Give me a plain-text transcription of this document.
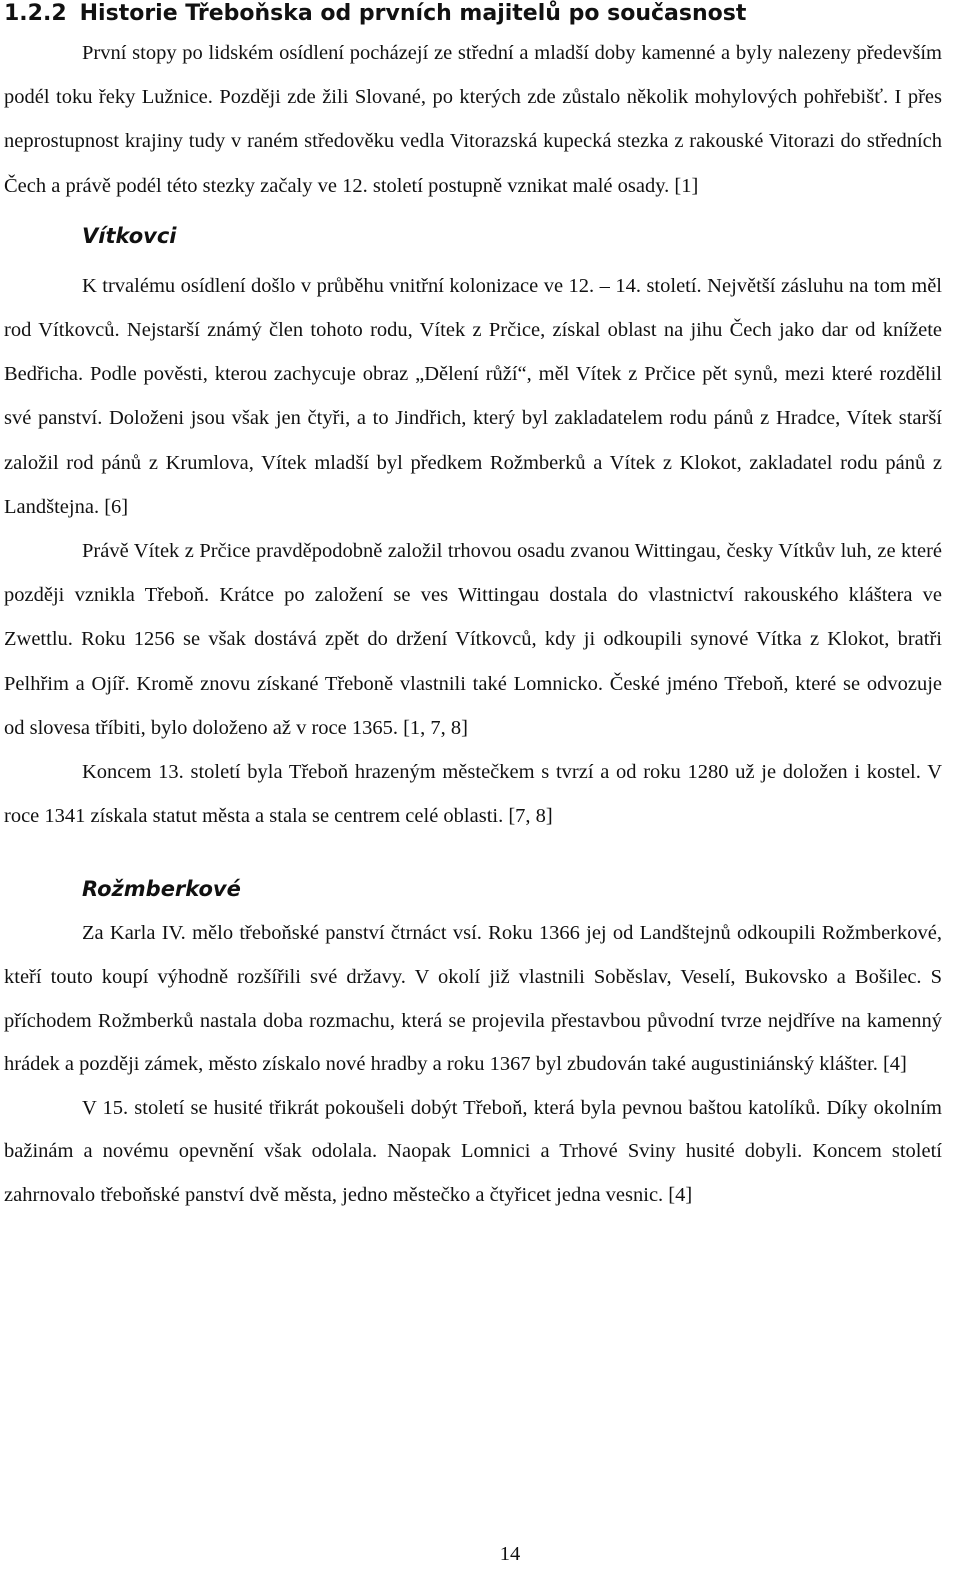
1.2.2 Historie Třeboňska od prvních majitelů po současnost

První stopy po lidském osídlení pocházejí ze střední a mladší doby kamenné a byly nalezeny především podél toku řeky Lužnice. Později zde žili Slované, po kterých zde zůstalo několik mohylových pohřebišť. I přes neprostupnost krajiny tudy v raném středověku vedla Vitorazská kupecká stezka z rakouské Vitorazi do středních Čech a právě podél této stezky začaly ve 12. století postupně vznikat malé osady. [1]

Vítkovci

K trvalému osídlení došlo v průběhu vnitřní kolonizace ve 12. – 14. století. Největší zásluhu na tom měl rod Vítkovců. Nejstarší známý člen tohoto rodu, Vítek z Prčice, získal oblast na jihu Čech jako dar od knížete Bedřicha. Podle pověsti, kterou zachycuje obraz „Dělení růží“, měl Vítek z Prčice pět synů, mezi které rozdělil své panství. Doloženi jsou však jen čtyři, a to Jindřich, který byl zakladatelem rodu pánů z Hradce, Vítek starší založil rod pánů z Krumlova, Vítek mladší byl předkem Rožmberků a Vítek z Klokot, zakladatel rodu pánů z Landštejna. [6]

Právě Vítek z Prčice pravděpodobně založil trhovou osadu zvanou Wittingau, česky Vítkův luh, ze které později vznikla Třeboň. Krátce po založení se ves Wittingau dostala do vlastnictví rakouského kláštera ve Zwettlu. Roku 1256 se však dostává zpět do držení Vítkovců, kdy ji odkoupili synové Vítka z Klokot, bratři Pelhřim a Ojíř. Kromě znovu získané Třeboně vlastnili také Lomnicko. České jméno Třeboň, které se odvozuje od slovesa tříbiti, bylo doloženo až v roce 1365. [1, 7, 8]

Koncem 13. století byla Třeboň hrazeným městečkem s tvrzí a od roku 1280 už je doložen i kostel. V roce 1341 získala statut města a stala se centrem celé oblasti. [7, 8]

Rožmberkové

Za Karla IV. mělo třeboňské panství čtrnáct vsí. Roku 1366 jej od Landštejnů odkoupili Rožmberkové, kteří touto koupí výhodně rozšířili své državy. V okolí již vlastnili Soběslav, Veselí, Bukovsko a Bošilec. S příchodem Rožmberků nastala doba rozmachu, která se projevila přestavbou původní tvrze nejdříve na kamenný hrádek a později zámek, město získalo nové hradby a roku 1367 byl zbudován také augustiniánský klášter. [4]

V 15. století se husité třikrát pokoušeli dobýt Třeboň, která byla pevnou baštou katolíků. Díky okolním bažinám a novému opevnění však odolala. Naopak Lomnici a Trhové Sviny husité dobyli. Koncem století zahrnovalo třeboňské panství dvě města, jedno městečko a čtyřicet jedna vesnic. [4]

14
